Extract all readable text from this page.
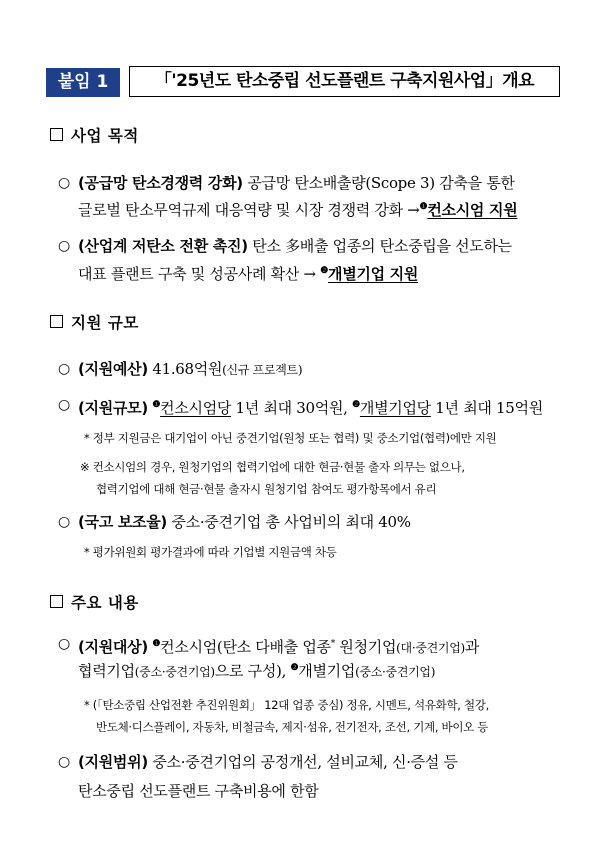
붙임 1	「'25년도 탄소중립 선도플랜트 구축지원사업」개요
사업 목적
○ (공급망 탄소경쟁력 강화) 공급망 탄소배출량(Scope 3) 감축을 통한
글로벌 탄소무역규제 대응역량 및 시장 경쟁력 강화 →$^❶$컨소시엄 지원
○ (산업계 저탄소 전환 촉진) 탄소 多배출 업종의 탄소중립을 선도하는
대표 플랜트 구축 및 성공사례 확산 → $^❷$개별기업 지원
지원 규모
○ (지원예산) 41.68억원(신규 프로젝트)
○ (지원규모) $^❶$컨소시엄당 1년 최대 30억원, $^❷$개별기업당 1년 최대 15억원
* 정부 지원금은 대기업이 아닌 중견기업(원청 또는 협력) 및 중소기업(협력)에만 지원
※ 컨소시엄의 경우, 원청기업의 협력기업에 대한 현금·현물 출자 의무는 없으나,
협력기업에 대해 현금·현물 출자시 원청기업 참여도 평가항목에서 유리
○ (국고 보조율) 중소·중견기업 총 사업비의 최대 40%
* 평가위원회 평가결과에 따라 기업별 지원금액 차등
주요 내용
○ (지원대상) $^❶$컨소시엄(탄소 다배출 업종* 원청기업(대·중견기업)과
협력기업(중소·중견기업)으로 구성), $^❷$개별기업(중소·중견기업)
* (「탄소중립 산업전환 추진위원회」 12대 업종 중심) 정유, 시멘트, 석유화학, 철강,
반도체·디스플레이, 자동차, 비철금속, 제지·섬유, 전기전자, 조선, 기계, 바이오 등
○ (지원범위) 중소·중견기업의 공정개선, 설비교체, 신·증설 등
탄소중립 선도플랜트 구축비용에 한함
